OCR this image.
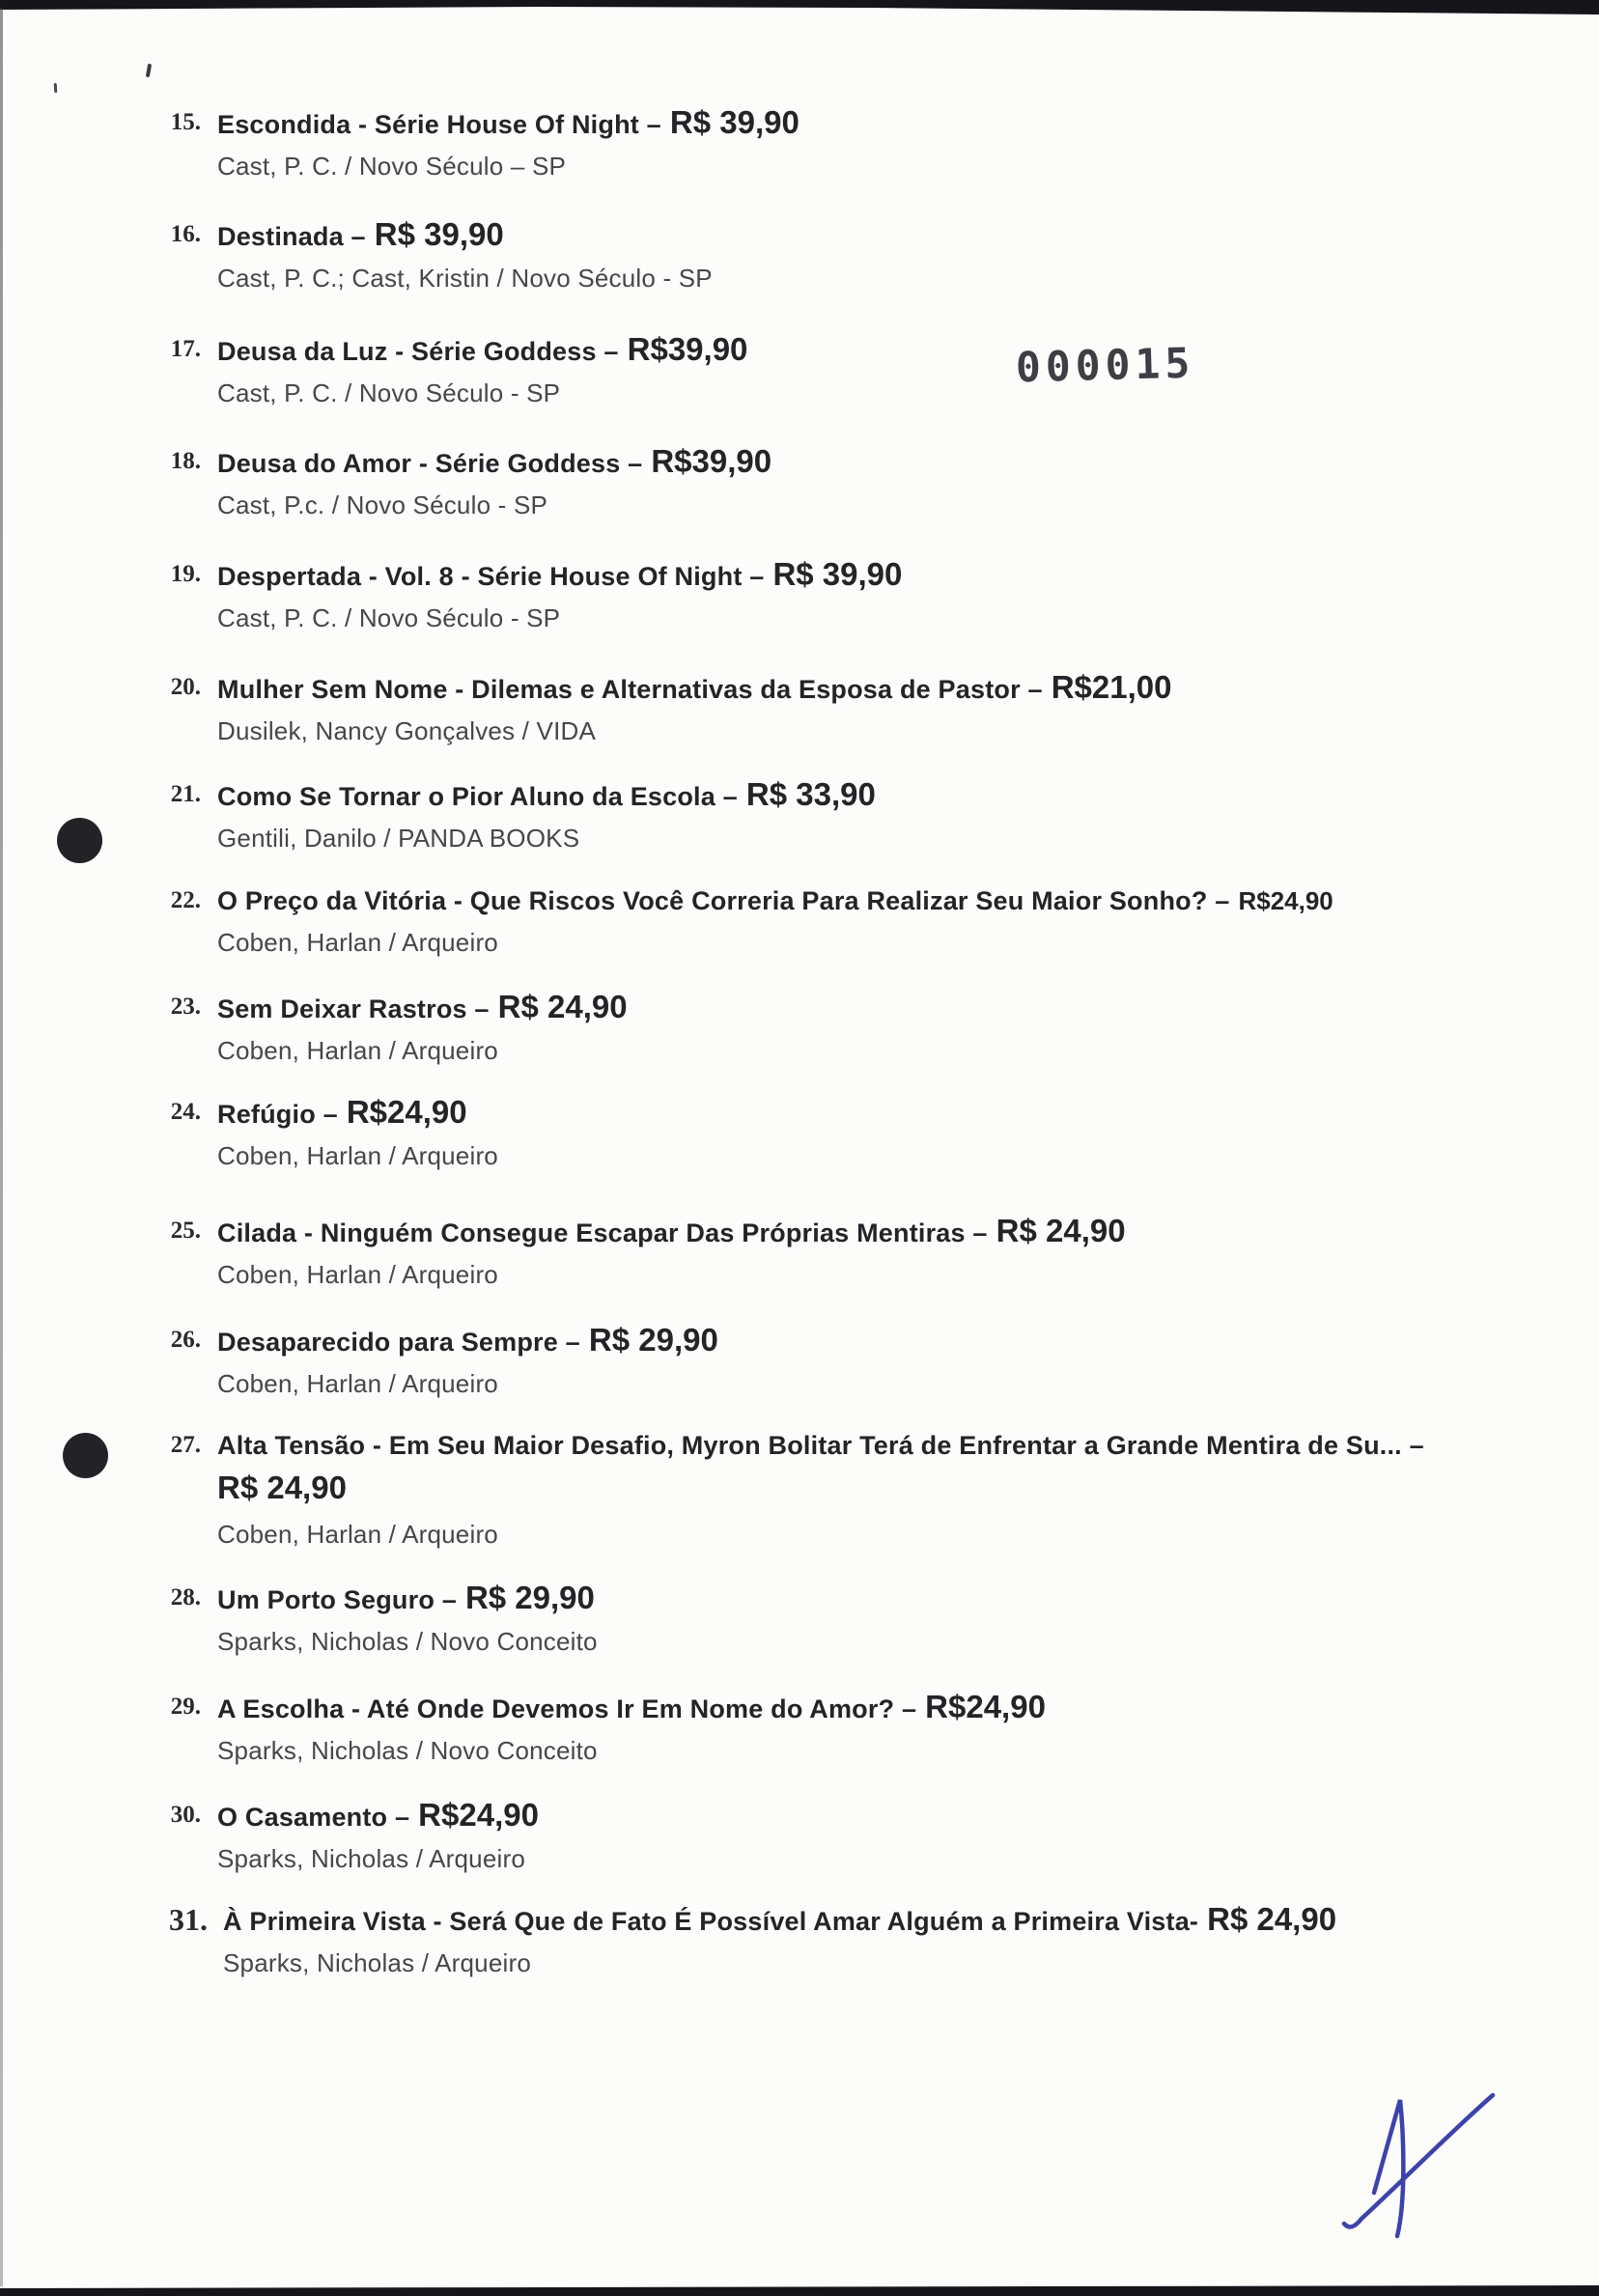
000015
15. Escondida - Série House Of Night – R$ 39,90
Cast, P. C. / Novo Século – SP
16. Destinada – R$ 39,90
Cast, P. C.; Cast, Kristin / Novo Século - SP
17. Deusa da Luz - Série Goddess – R$39,90
Cast, P. C. / Novo Século - SP
18. Deusa do Amor - Série Goddess – R$39,90
Cast, P.c. / Novo Século - SP
19. Despertada - Vol. 8 - Série House Of Night – R$ 39,90
Cast, P. C. / Novo Século - SP
20. Mulher Sem Nome - Dilemas e Alternativas da Esposa de Pastor – R$21,00
Dusilek, Nancy Gonçalves / VIDA
21. Como Se Tornar o Pior Aluno da Escola – R$ 33,90
Gentili, Danilo / PANDA BOOKS
22. O Preço da Vitória - Que Riscos Você Correria Para Realizar Seu Maior Sonho? – R$24,90
Coben, Harlan / Arqueiro
23. Sem Deixar Rastros – R$ 24,90
Coben, Harlan / Arqueiro
24. Refúgio – R$24,90
Coben, Harlan / Arqueiro
25. Cilada - Ninguém Consegue Escapar Das Próprias Mentiras – R$ 24,90
Coben, Harlan / Arqueiro
26. Desaparecido para Sempre – R$ 29,90
Coben, Harlan / Arqueiro
27. Alta Tensão - Em Seu Maior Desafio, Myron Bolitar Terá de Enfrentar a Grande Mentira de Su... –
R$ 24,90
Coben, Harlan / Arqueiro
28. Um Porto Seguro – R$ 29,90
Sparks, Nicholas / Novo Conceito
29. A Escolha - Até Onde Devemos Ir Em Nome do Amor? – R$24,90
Sparks, Nicholas / Novo Conceito
30. O Casamento – R$24,90
Sparks, Nicholas / Arqueiro
31. À Primeira Vista - Será Que de Fato É Possível Amar Alguém a Primeira Vista- R$ 24,90
Sparks, Nicholas / Arqueiro
